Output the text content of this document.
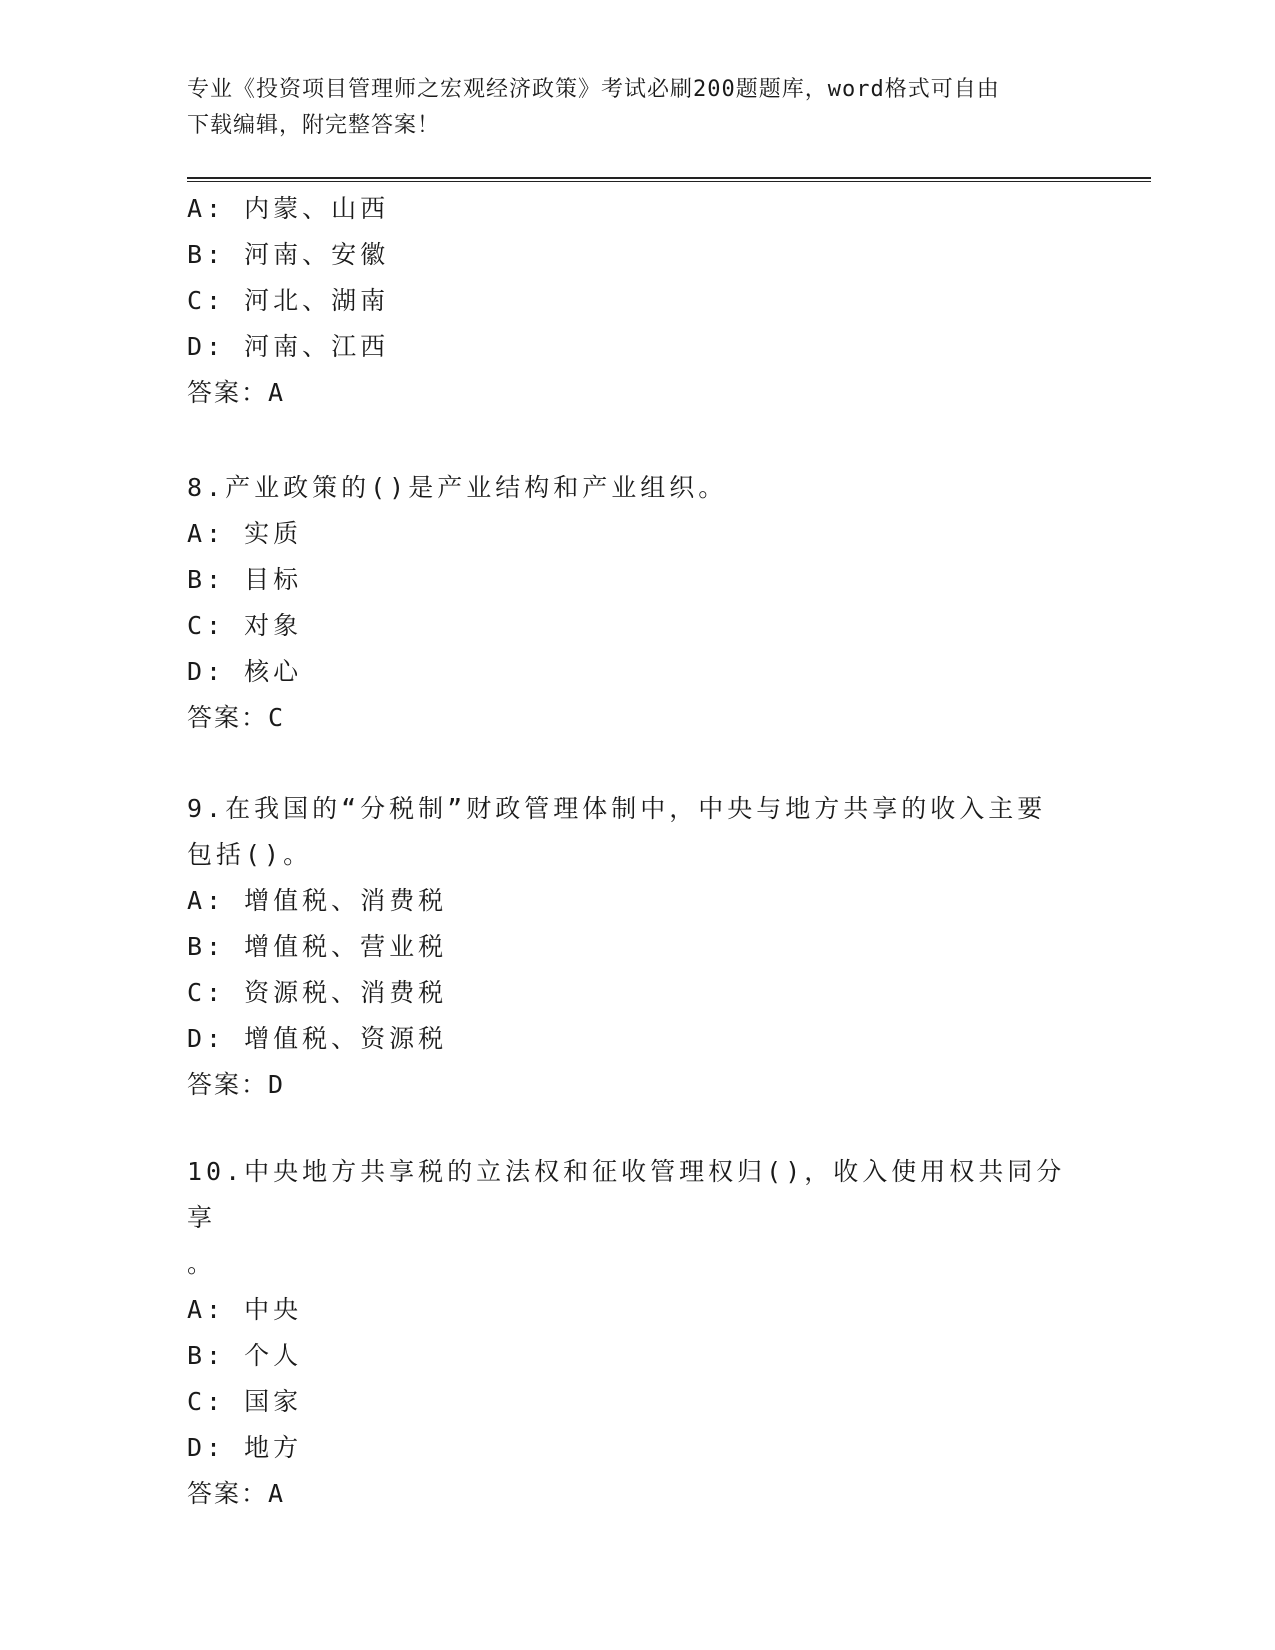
专业《投资项目管理师之宏观经济政策》考试必刷200题题库，word格式可自由
下载编辑，附完整答案！
A: 内蒙、山西
B: 河南、安徽
C: 河北、湖南
D: 河南、江西
答案：A
8.产业政策的()是产业结构和产业组织。
A: 实质
B: 目标
C: 对象
D: 核心
答案：C
9.在我国的“分税制”财政管理体制中，中央与地方共享的收入主要
包括()。
A: 增值税、消费税
B: 增值税、营业税
C: 资源税、消费税
D: 增值税、资源税
答案：D
10.中央地方共享税的立法权和征收管理权归()，收入使用权共同分享
。
A: 中央
B: 个人
C: 国家
D: 地方
答案：A
